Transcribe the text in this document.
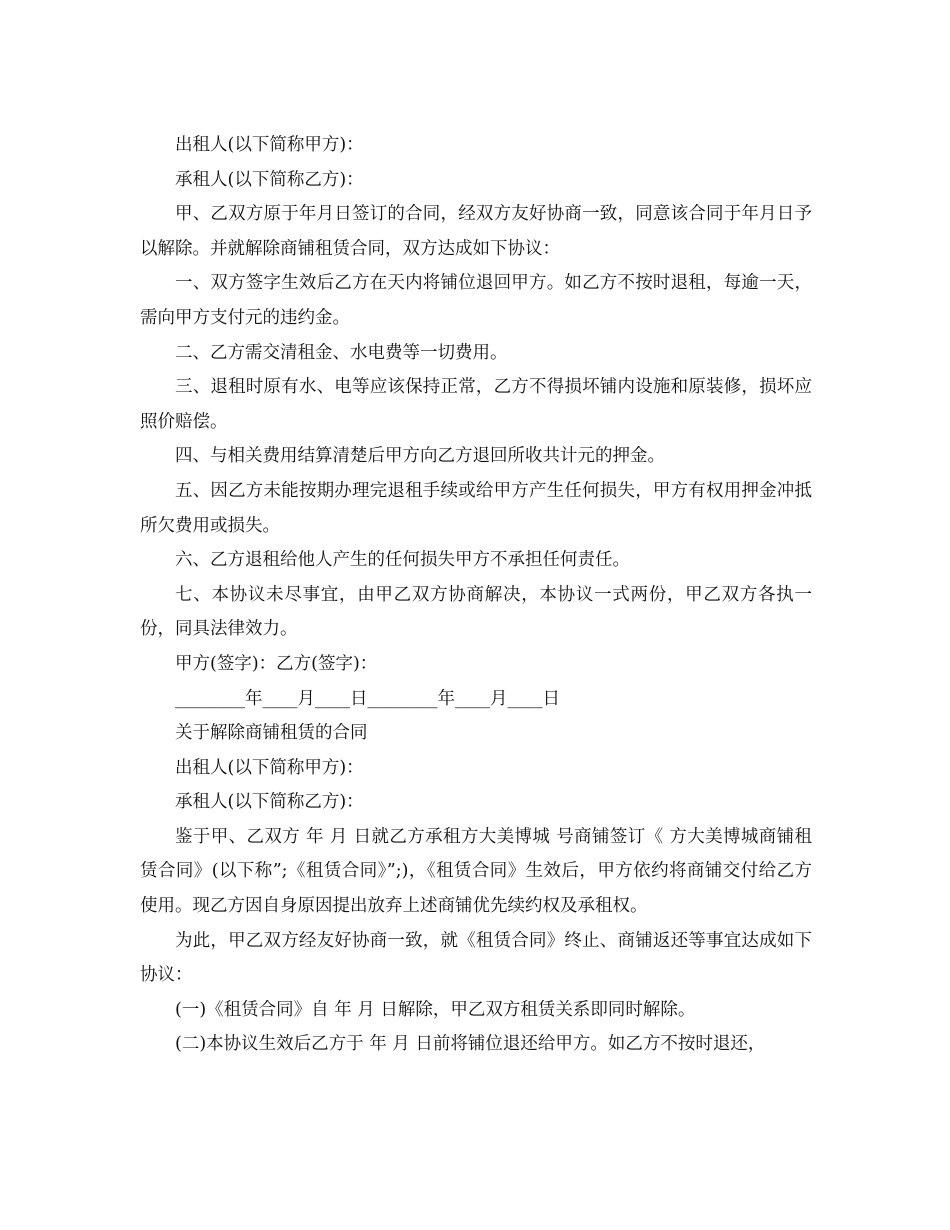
出租人(以下简称甲方)：

承租人(以下简称乙方)：

甲、乙双方原于年月日签订的合同，经双方友好协商一致，同意该合同于年月日予以解除。并就解除商铺租赁合同，双方达成如下协议：

一、双方签字生效后乙方在天内将铺位退回甲方。如乙方不按时退租，每逾一天，需向甲方支付元的违约金。

二、乙方需交清租金、水电费等一切费用。

三、退租时原有水、电等应该保持正常，乙方不得损坏铺内设施和原装修，损坏应照价赔偿。

四、与相关费用结算清楚后甲方向乙方退回所收共计元的押金。

五、因乙方未能按期办理完退租手续或给甲方产生任何损失，甲方有权用押金冲抵所欠费用或损失。

六、乙方退租给他人产生的任何损失甲方不承担任何责任。

七、本协议未尽事宜，由甲乙双方协商解决，本协议一式两份，甲乙双方各执一份，同具法律效力。

甲方(签字)：乙方(签字)：

________年____月____日________年____月____日

关于解除商铺租赁的合同

出租人(以下简称甲方)：

承租人(以下简称乙方)：

鉴于甲、乙双方 年 月 日就乙方承租方大美博城 号商铺签订《 方大美博城商铺租赁合同》(以下称”;《租赁合同》”;)，《租赁合同》生效后，甲方依约将商铺交付给乙方使用。现乙方因自身原因提出放弃上述商铺优先续约权及承租权。

为此，甲乙双方经友好协商一致，就《租赁合同》终止、商铺返还等事宜达成如下协议：

(一)《租赁合同》自 年 月 日解除，甲乙双方租赁关系即同时解除。

(二)本协议生效后乙方于 年 月 日前将铺位退还给甲方。如乙方不按时退还，
